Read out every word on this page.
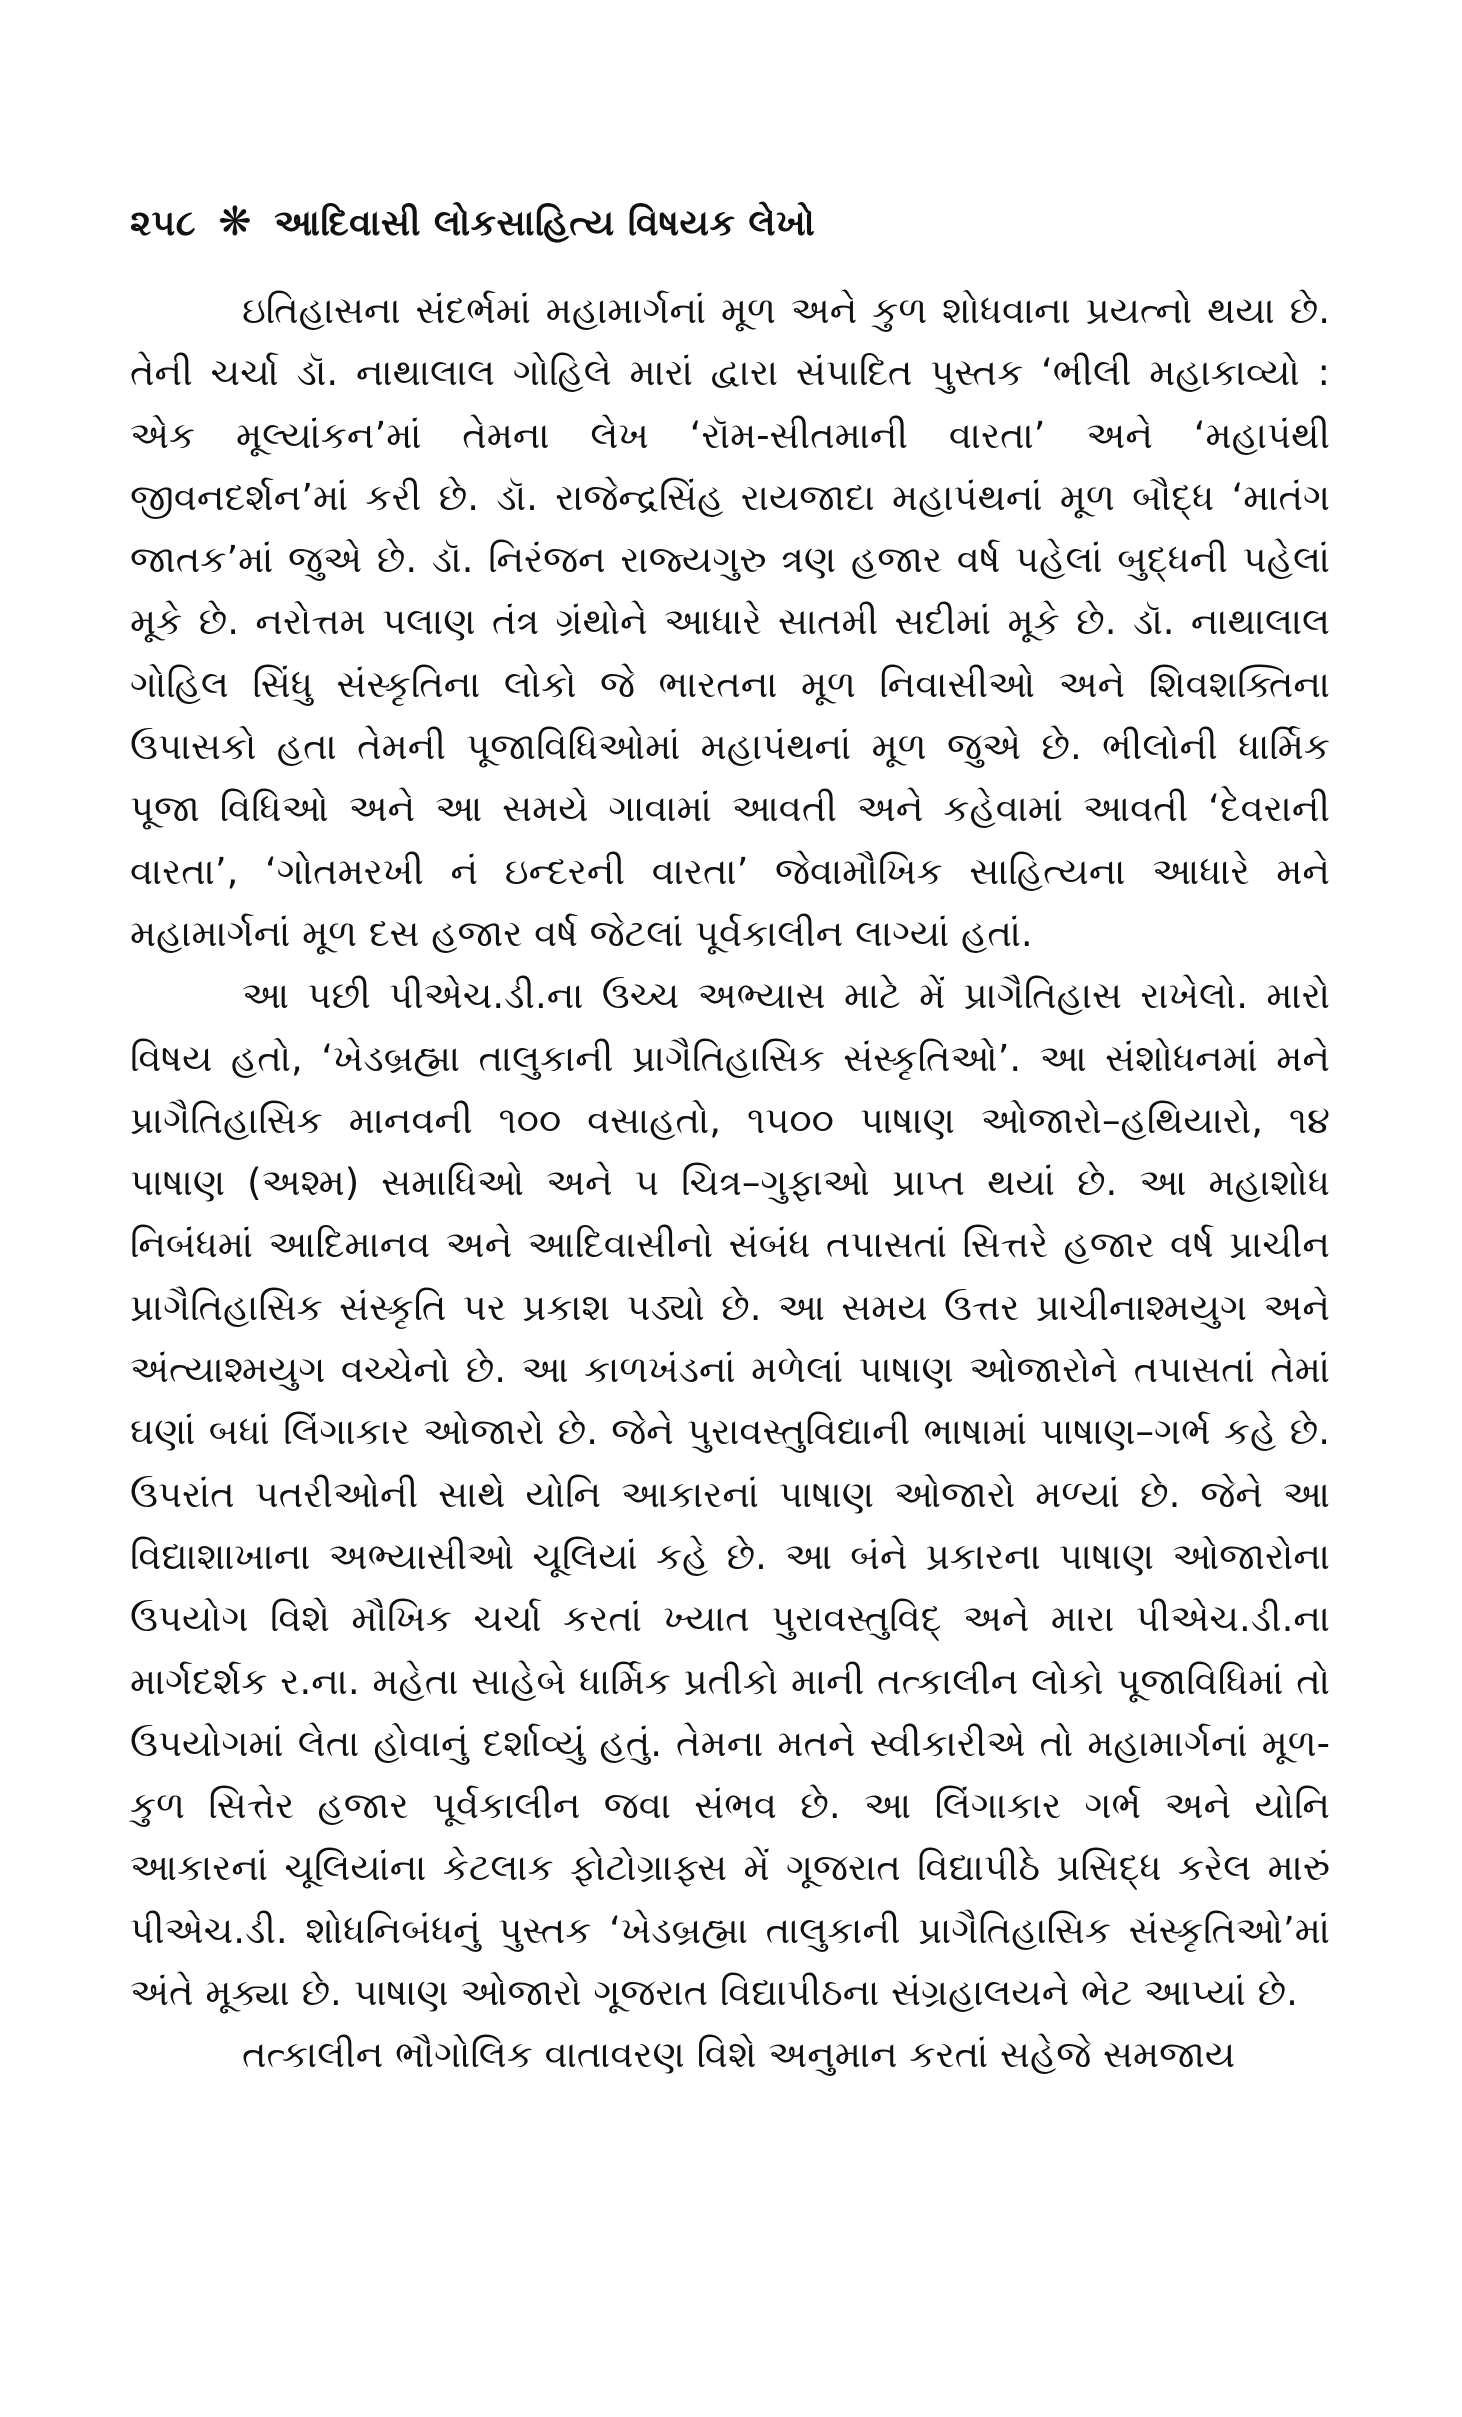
૨૫૮ ❋ આદિવાસી લોકસાહિત્ય વિષયક લેખો

ઇતિહાસના સંદર્ભમાં મહામાર્ગનાં મૂળ અને કુળ શોધવાના પ્રયત્નો થયા છે. તેની ચર્ચા ડૉ. નાથાલાલ ગોહિલે મારાં દ્વારા સંપાદિત પુસ્તક ‘ભીલી મહાકાવ્યો : એક મૂલ્યાંકન’માં તેમના લેખ ‘રૉમ-સીતમાની વારતા’ અને ‘મહાપંથી જીવનદર્શન’માં કરી છે. ડૉ. રાજેન્દ્રસિંહ રાયજાદા મહાપંથનાં મૂળ બૌદ્ધ ‘માતંગ જાતક’માં જુએ છે. ડૉ. નિરંજન રાજ્યગુરુ ત્રણ હજાર વર્ષ પહેલાં બુદ્ધની પહેલાં મૂકે છે. નરોત્તમ પલાણ તંત્ર ગ્રંથોને આધારે સાતમી સદીમાં મૂકે છે. ડૉ. નાથાલાલ ગોહિલ સિંધુ સંસ્કૃતિના લોકો જે ભારતના મૂળ નિવાસીઓ અને શિવશક્તિના ઉપાસકો હતા તેમની પૂજાવિધિઓમાં મહાપંથનાં મૂળ જુએ છે. ભીલોની ધાર્મિક પૂજા વિધિઓ અને આ સમયે ગાવામાં આવતી અને કહેવામાં આવતી ‘દેવરાની વારતા’, ‘ગોતમરખી નં ઇન્દરની વારતા’ જેવામૌખિક સાહિત્યના આધારે મને મહામાર્ગનાં મૂળ દસ હજાર વર્ષ જેટલાં પૂર્વકાલીન લાગ્યાં હતાં.

આ પછી પીએચ.ડી.ના ઉચ્ચ અભ્યાસ માટે મેં પ્રાગૈતિહાસ રાખેલો. મારો વિષય હતો, ‘ખેડબ્રહ્મા તાલુકાની પ્રાગૈતિહાસિક સંસ્કૃતિઓ’. આ સંશોધનમાં મને પ્રાગૈતિહાસિક માનવની ૧૦૦ વસાહતો, ૧૫૦૦ પાષાણ ઓજારો–હથિયારો, ૧૪ પાષાણ (અશ્મ) સમાધિઓ અને ૫ ચિત્ર–ગુફાઓ પ્રાપ્ત થયાં છે. આ મહાશોધ નિબંધમાં આદિમાનવ અને આદિવાસીનો સંબંધ તપાસતાં સિત્તરે હજાર વર્ષ પ્રાચીન પ્રાગૈતિહાસિક સંસ્કૃતિ પર પ્રકાશ પડ્યો છે. આ સમય ઉત્તર પ્રાચીનાશ્મયુગ અને અંત્યાશ્મયુગ વચ્ચેનો છે. આ કાળખંડનાં મળેલાં પાષાણ ઓજારોને તપાસતાં તેમાં ઘણાં બધાં લિંગાકાર ઓજારો છે. જેને પુરાવસ્તુવિદ્યાની ભાષામાં પાષાણ–ગર્ભ કહે છે. ઉપરાંત પતરીઓની સાથે યોનિ આકારનાં પાષાણ ઓજારો મળ્યાં છે. જેને આ વિદ્યાશાખાના અભ્યાસીઓ ચૂલિયાં કહે છે. આ બંને પ્રકારના પાષાણ ઓજારોના ઉપયોગ વિશે મૌખિક ચર્ચા કરતાં ખ્યાત પુરાવસ્તુવિદ્ અને મારા પીએચ.ડી.ના માર્ગદર્શક ર.ના. મહેતા સાહેબે ધાર્મિક પ્રતીકો માની તત્કાલીન લોકો પૂજાવિધિમાં તો ઉપયોગમાં લેતા હોવાનું દર્શાવ્યું હતું. તેમના મતને સ્વીકારીએ તો મહામાર્ગનાં મૂળ-કુળ સિત્તેર હજાર પૂર્વકાલીન જવા સંભવ છે. આ લિંગાકાર ગર્ભ અને યોનિ આકારનાં ચૂલિયાંના કેટલાક ફોટોગ્રાફ્સ મેં ગૂજરાત વિદ્યાપીઠે પ્રસિદ્ધ કરેલ મારું પીએચ.ડી. શોધનિબંધનું પુસ્તક ‘ખેડબ્રહ્મા તાલુકાની પ્રાગૈતિહાસિક સંસ્કૃતિઓ’માં અંતે મૂક્યા છે. પાષાણ ઓજારો ગૂજરાત વિદ્યાપીઠના સંગ્રહાલયને ભેટ આપ્યાં છે.

તત્કાલીન ભૌગોલિક વાતાવરણ વિશે અનુમાન કરતાં સહેજે સમજાય
